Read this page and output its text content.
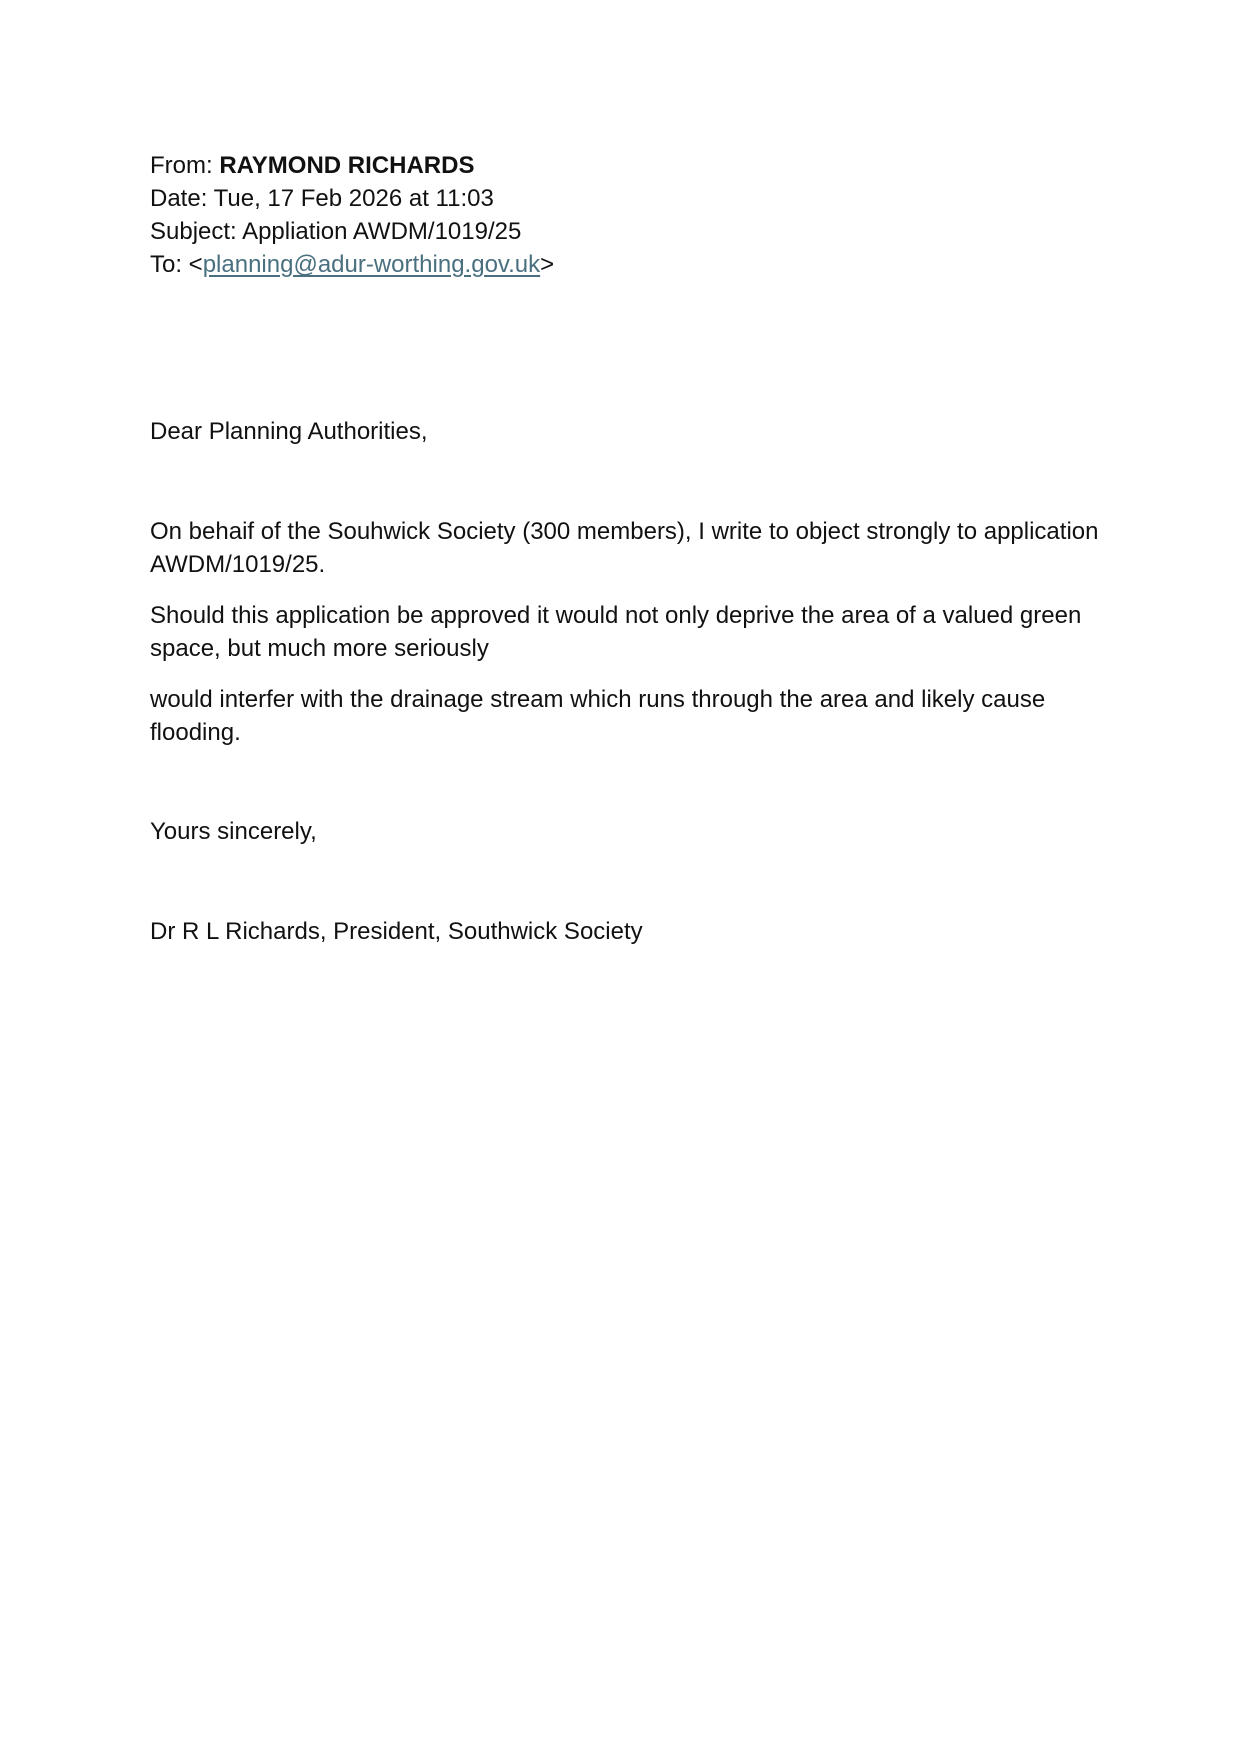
From: RAYMOND RICHARDS
Date: Tue, 17 Feb 2026 at 11:03
Subject: Appliation AWDM/1019/25
To: <planning@adur-worthing.gov.uk>

Dear Planning Authorities,

On behaif of the Souhwick Society (300 members), I write to object strongly to application AWDM/1019/25.

Should this application be approved it would not only deprive the area of a valued green space, but much more seriously

would interfer with the drainage stream which runs through the area and likely cause flooding.

Yours sincerely,

Dr R L Richards, President, Southwick Society
